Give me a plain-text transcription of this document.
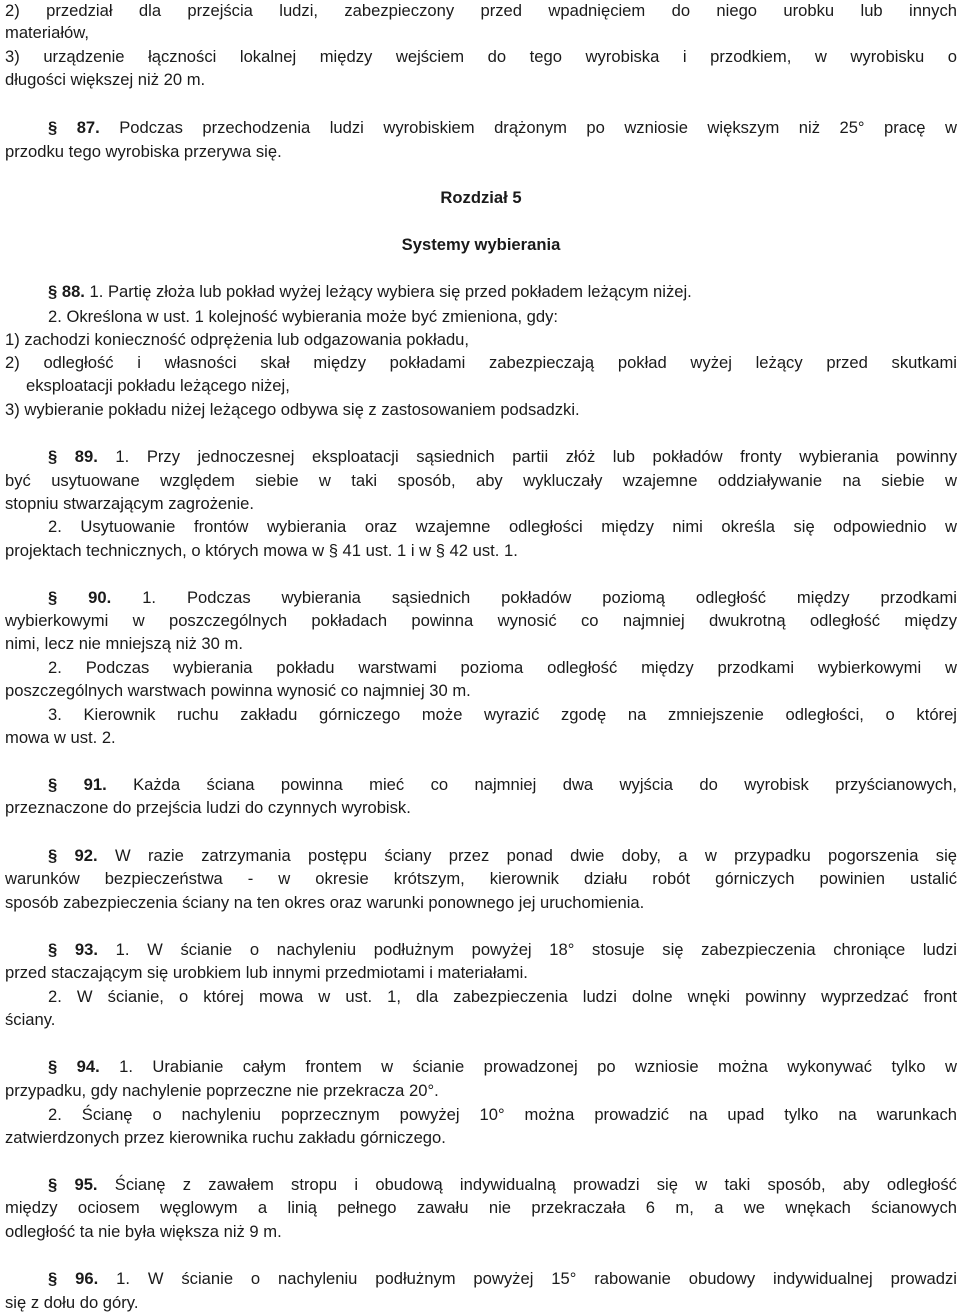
2) przedział dla przejścia ludzi, zabezpieczony przed wpadnięciem do niego urobku lub innych
materiałów,
3) urządzenie łączności lokalnej między wejściem do tego wyrobiska i przodkiem, w wyrobisku o
długości większej niż 20 m.
§ 87. Podczas przechodzenia ludzi wyrobiskiem drążonym po wzniosie większym niż 25° pracę w
przodku tego wyrobiska przerywa się.
Rozdział 5
Systemy wybierania
§ 88. 1. Partię złoża lub pokład wyżej leżący wybiera się przed pokładem leżącym niżej.
2. Określona w ust. 1 kolejność wybierania może być zmieniona, gdy:
1) zachodzi konieczność odprężenia lub odgazowania pokładu,
2) odległość i własności skał między pokładami zabezpieczają pokład wyżej leżący przed skutkami
eksploatacji pokładu leżącego niżej,
3) wybieranie pokładu niżej leżącego odbywa się z zastosowaniem podsadzki.
§ 89. 1. Przy jednoczesnej eksploatacji sąsiednich partii złóż lub pokładów fronty wybierania powinny
być usytuowane względem siebie w taki sposób, aby wykluczały wzajemne oddziaływanie na siebie w
stopniu stwarzającym zagrożenie.
2. Usytuowanie frontów wybierania oraz wzajemne odległości między nimi określa się odpowiednio w
projektach technicznych, o których mowa w § 41 ust. 1 i w § 42 ust. 1.
§ 90. 1. Podczas wybierania sąsiednich pokładów poziomą odległość między przodkami
wybierkowymi w poszczególnych pokładach powinna wynosić co najmniej dwukrotną odległość między
nimi, lecz nie mniejszą niż 30 m.
2. Podczas wybierania pokładu warstwami pozioma odległość między przodkami wybierkowymi w
poszczególnych warstwach powinna wynosić co najmniej 30 m.
3. Kierownik ruchu zakładu górniczego może wyrazić zgodę na zmniejszenie odległości, o której
mowa w ust. 2.
§ 91. Każda ściana powinna mieć co najmniej dwa wyjścia do wyrobisk przyścianowych,
przeznaczone do przejścia ludzi do czynnych wyrobisk.
§ 92. W razie zatrzymania postępu ściany przez ponad dwie doby, a w przypadku pogorszenia się
warunków bezpieczeństwa - w okresie krótszym, kierownik działu robót górniczych powinien ustalić
sposób zabezpieczenia ściany na ten okres oraz warunki ponownego jej uruchomienia.
§ 93. 1. W ścianie o nachyleniu podłużnym powyżej 18° stosuje się zabezpieczenia chroniące ludzi
przed staczającym się urobkiem lub innymi przedmiotami i materiałami.
2. W ścianie, o której mowa w ust. 1, dla zabezpieczenia ludzi dolne wnęki powinny wyprzedzać front
ściany.
§ 94. 1. Urabianie całym frontem w ścianie prowadzonej po wzniosie można wykonywać tylko w
przypadku, gdy nachylenie poprzeczne nie przekracza 20°.
2. Ścianę o nachyleniu poprzecznym powyżej 10° można prowadzić na upad tylko na warunkach
zatwierdzonych przez kierownika ruchu zakładu górniczego.
§ 95. Ścianę z zawałem stropu i obudową indywidualną prowadzi się w taki sposób, aby odległość
między ociosem węglowym a linią pełnego zawału nie przekraczała 6 m, a we wnękach ścianowych
odległość ta nie była większa niż 9 m.
§ 96. 1. W ścianie o nachyleniu podłużnym powyżej 15° rabowanie obudowy indywidualnej prowadzi
się z dołu do góry.
